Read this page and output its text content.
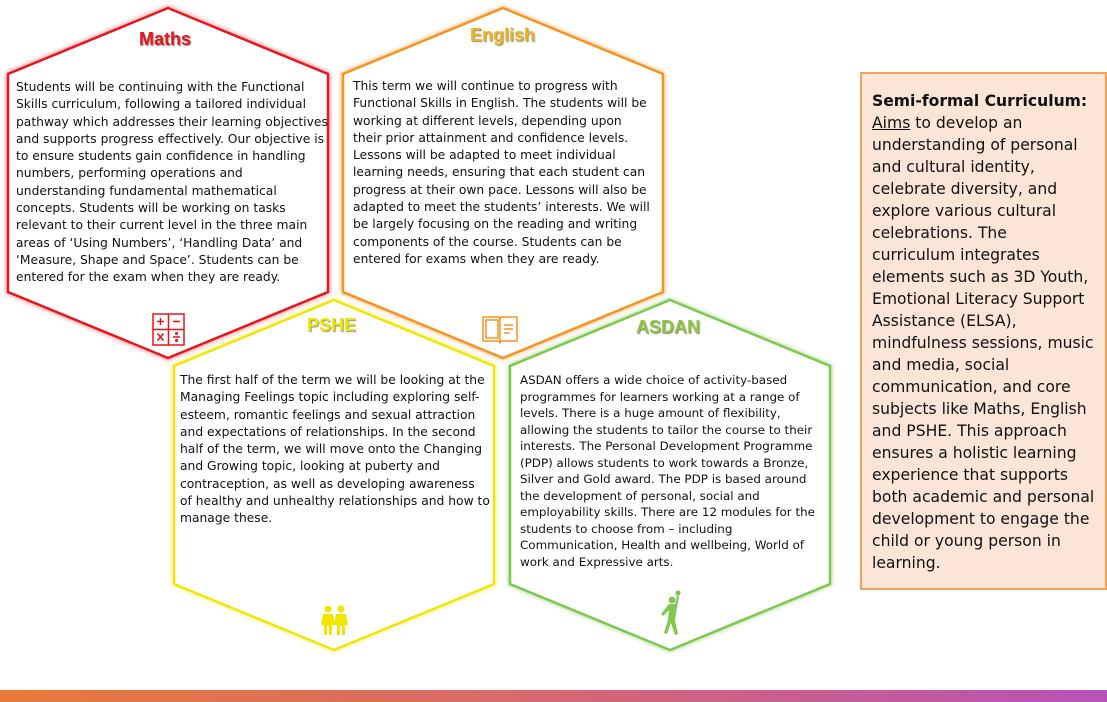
Maths
Students will be continuing with the Functional Skills curriculum, following a tailored individual pathway which addresses their learning objectives and supports progress effectively. Our objective is to ensure students gain confidence in handling numbers, performing operations and understanding fundamental mathematical concepts. Students will be working on tasks relevant to their current level in the three main areas of ‘Using Numbers’, ‘Handling Data’ and ‘Measure, Shape and Space’. Students can be entered for the exam when they are ready.
English
This term we will continue to progress with Functional Skills in English. The students will be working at different levels, depending upon their prior attainment and confidence levels. Lessons will be adapted to meet individual learning needs, ensuring that each student can progress at their own pace. Lessons will also be adapted to meet the students’ interests. We will be largely focusing on the reading and writing components of the course. Students can be entered for exams when they are ready.
PSHE
The first half of the term we will be looking at the Managing Feelings topic including exploring self-esteem, romantic feelings and sexual attraction and expectations of relationships. In the second half of the term, we will move onto the Changing and Growing topic, looking at puberty and contraception, as well as developing awareness of healthy and unhealthy relationships and how to manage these.
ASDAN
ASDAN offers a wide choice of activity-based programmes for learners working at a range of levels. There is a huge amount of flexibility, allowing the students to tailor the course to their interests. The Personal Development Programme (PDP) allows students to work towards a Bronze, Silver and Gold award. The PDP is based around the development of personal, social and employability skills. There are 12 modules for the students to choose from – including Communication, Health and wellbeing, World of work and Expressive arts.
Semi-formal Curriculum:
Aims to develop an understanding of personal and cultural identity, celebrate diversity, and explore various cultural celebrations. The curriculum integrates elements such as 3D Youth, Emotional Literacy Support Assistance (ELSA), mindfulness sessions, music and media, social communication, and core subjects like Maths, English and PSHE. This approach ensures a holistic learning experience that supports both academic and personal development to engage the child or young person in learning.
